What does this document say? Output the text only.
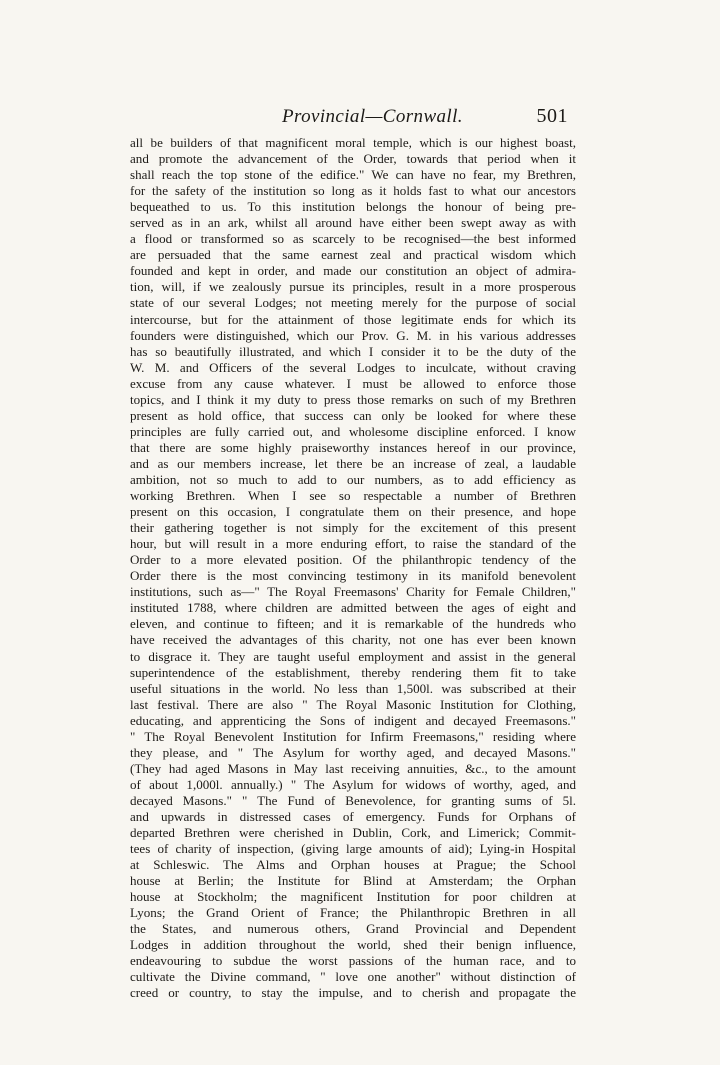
Provincial—Cornwall.	501
all be builders of that magnificent moral temple, which is our highest boast,
and promote the advancement of the Order, towards that period when it
shall reach the top stone of the edifice." We can have no fear, my Brethren,
for the safety of the institution so long as it holds fast to what our ancestors
bequeathed to us. To this institution belongs the honour of being pre-
served as in an ark, whilst all around have either been swept away as with
a flood or transformed so as scarcely to be recognised—the best informed
are persuaded that the same earnest zeal and practical wisdom which
founded and kept in order, and made our constitution an object of admira-
tion, will, if we zealously pursue its principles, result in a more prosperous
state of our several Lodges; not meeting merely for the purpose of social
intercourse, but for the attainment of those legitimate ends for which its
founders were distinguished, which our Prov. G. M. in his various addresses
has so beautifully illustrated, and which I consider it to be the duty of the
W. M. and Officers of the several Lodges to inculcate, without craving
excuse from any cause whatever. I must be allowed to enforce those
topics, and I think it my duty to press those remarks on such of my Brethren
present as hold office, that success can only be looked for where these
principles are fully carried out, and wholesome discipline enforced. I know
that there are some highly praiseworthy instances hereof in our province,
and as our members increase, let there be an increase of zeal, a laudable
ambition, not so much to add to our numbers, as to add efficiency as
working Brethren. When I see so respectable a number of Brethren
present on this occasion, I congratulate them on their presence, and hope
their gathering together is not simply for the excitement of this present
hour, but will result in a more enduring effort, to raise the standard of the
Order to a more elevated position. Of the philanthropic tendency of the
Order there is the most convincing testimony in its manifold benevolent
institutions, such as—" The Royal Freemasons' Charity for Female Children,"
instituted 1788, where children are admitted between the ages of eight and
eleven, and continue to fifteen; and it is remarkable of the hundreds who
have received the advantages of this charity, not one has ever been known
to disgrace it. They are taught useful employment and assist in the general
superintendence of the establishment, thereby rendering them fit to take
useful situations in the world. No less than 1,500l. was subscribed at their
last festival. There are also " The Royal Masonic Institution for Clothing,
educating, and apprenticing the Sons of indigent and decayed Freemasons."
" The Royal Benevolent Institution for Infirm Freemasons," residing where
they please, and " The Asylum for worthy aged, and decayed Masons."
(They had aged Masons in May last receiving annuities, &c., to the amount
of about 1,000l. annually.) " The Asylum for widows of worthy, aged, and
decayed Masons." " The Fund of Benevolence, for granting sums of 5l.
and upwards in distressed cases of emergency. Funds for Orphans of
departed Brethren were cherished in Dublin, Cork, and Limerick; Commit-
tees of charity of inspection, (giving large amounts of aid); Lying-in Hospital
at Schleswic. The Alms and Orphan houses at Prague; the School
house at Berlin; the Institute for Blind at Amsterdam; the Orphan
house at Stockholm; the magnificent Institution for poor children at
Lyons; the Grand Orient of France; the Philanthropic Brethren in all
the States, and numerous others, Grand Provincial and Dependent
Lodges in addition throughout the world, shed their benign influence,
endeavouring to subdue the worst passions of the human race, and to
cultivate the Divine command, " love one another" without distinction of
creed or country, to stay the impulse, and to cherish and propagate the
